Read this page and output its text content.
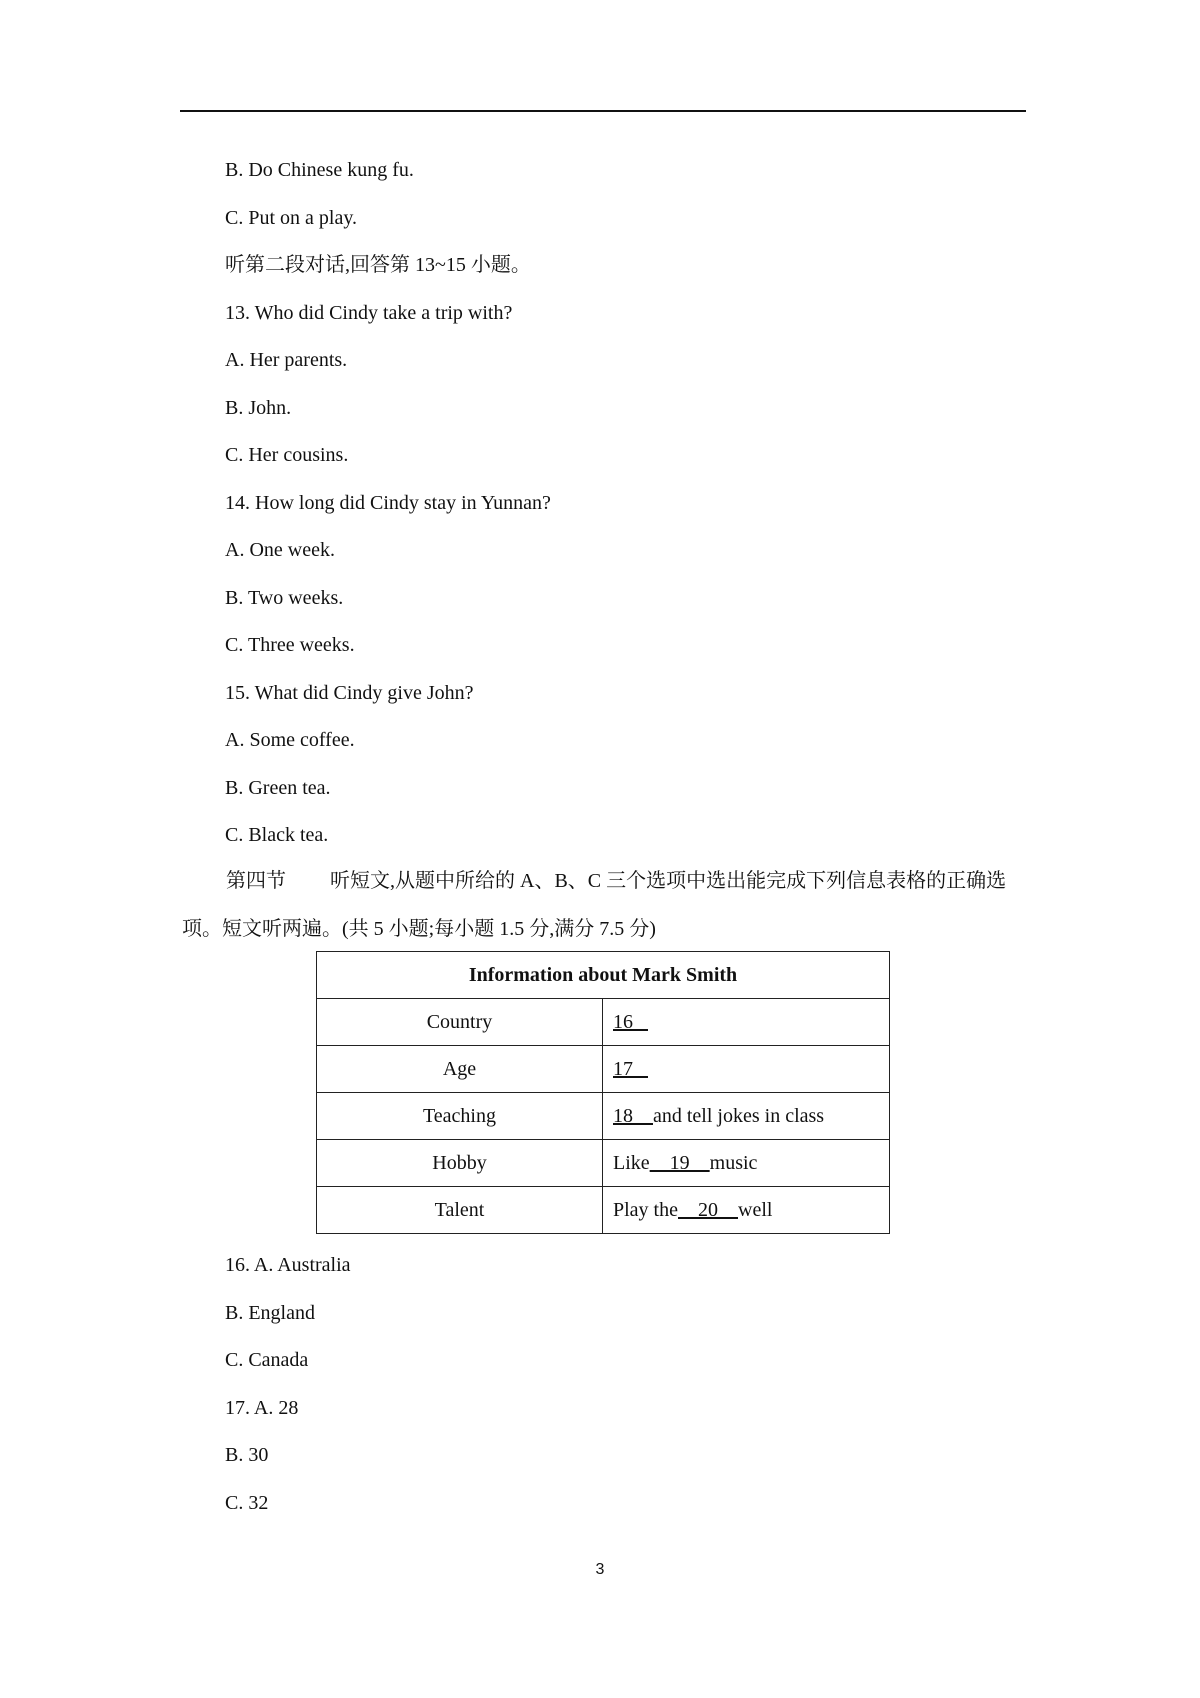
B. Do Chinese kung fu.
C. Put on a play.
听第二段对话,回答第 13~15 小题。
13. Who did Cindy take a trip with?
A. Her parents.
B. John.
C. Her cousins.
14. How long did Cindy stay in Yunnan?
A. One week.
B. Two weeks.
C. Three weeks.
15. What did Cindy give John?
A. Some coffee.
B. Green tea.
C. Black tea.
第四节 听短文,从题中所给的 A、B、C 三个选项中选出能完成下列信息表格的正确选项。短文听两遍。(共 5 小题;每小题 1.5 分,满分 7.5 分)
Information about Mark Smith	
Country	16
Age	17
Teaching	18    and tell jokes in class
Hobby	Like    19    music
Talent	Play the    20    well
16. A. Australia
B. England
C. Canada
17. A. 28
B. 30
C. 32
3
